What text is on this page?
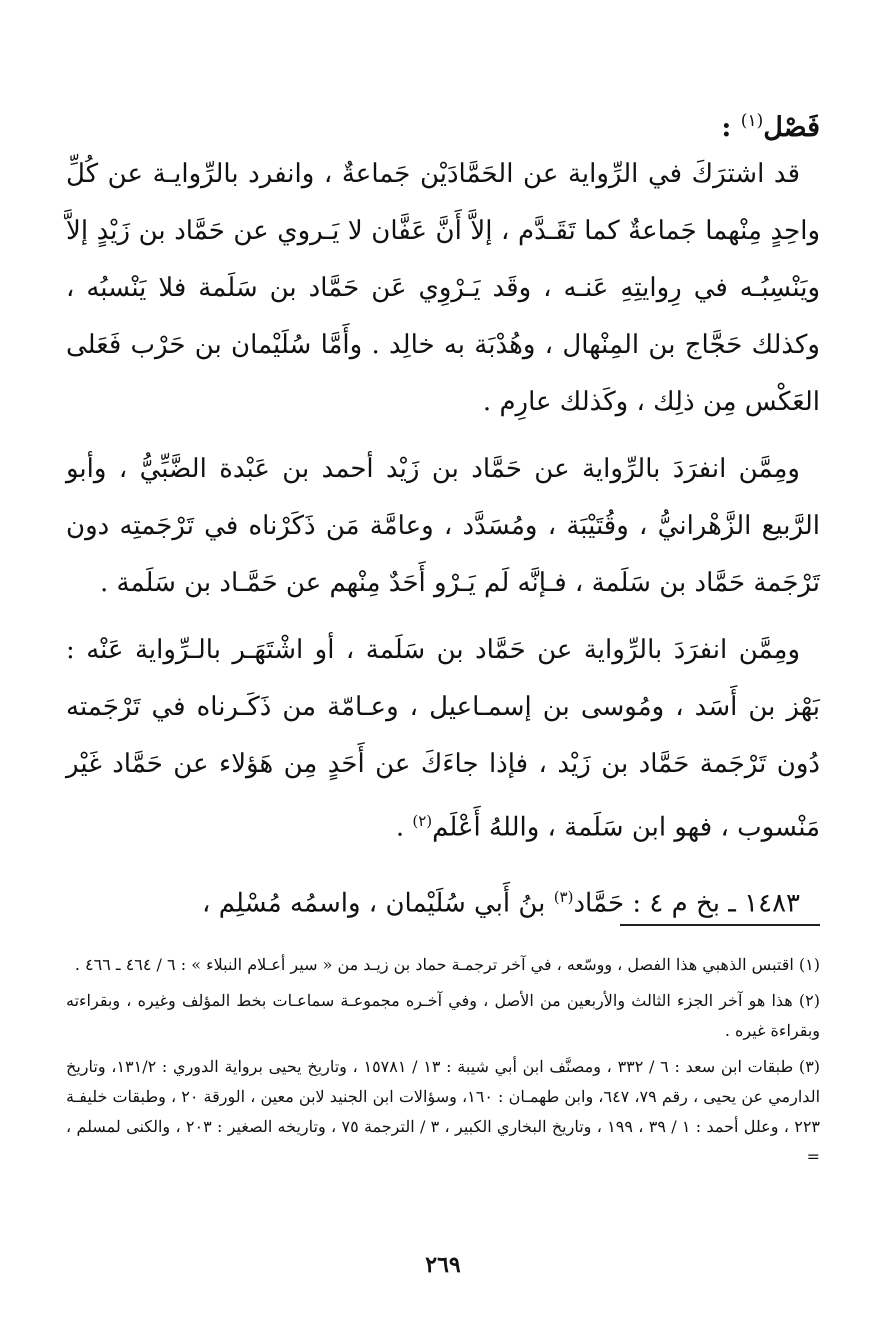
فَصْل$^{(١)}$ :

قد اشترَكَ في الرِّواية عن الحَمَّادَيْن جَماعةٌ ، وانفرد بالرِّوايـة عن كُلِّ واحِدٍ مِنْهما جَماعةٌ كما تَقَـدَّم ، إلاَّ أَنَّ عَفَّان لا يَـروي عن حَمَّاد بن زَيْدٍ إلاَّ ويَنْسِبُـه في رِوايتِهِ عَنـه ، وقَد يَـرْوِي عَن حَمَّاد بن سَلَمة فلا يَنْسبُه ، وكذلك حَجَّاج بن المِنْهال ، وهُدْبَة به خالِد . وأَمَّا سُلَيْمان بن حَرْب فَعَلى العَكْس مِن ذلِك ، وكَذلك عارِم .

ومِمَّن انفرَدَ بالرِّواية عن حَمَّاد بن زَيْد أحمد بن عَبْدة الضَّبِّيُّ ، وأبو الرَّبيع الزَّهْرانيُّ ، وقُتَيْبَة ، ومُسَدَّد ، وعامَّة مَن ذَكَرْناه في تَرْجَمتِه دون تَرْجَمة حَمَّاد بن سَلَمة ، فـإنَّه لَم يَـرْو أَحَدٌ مِنْهم عن حَمَّـاد بن سَلَمة .

ومِمَّن انفرَدَ بالرِّواية عن حَمَّاد بن سَلَمة ، أو اشْتَهَـر بالـرِّواية عَنْه : بَهْز بن أَسَد ، ومُوسى بن إسمـاعيل ، وعـامّة من ذَكَـرناه في تَرْجَمته دُون تَرْجَمة حَمَّاد بن زَيْد ، فإذا جاءَكَ عن أَحَدٍ مِن هَؤلاء عن حَمَّاد غَيْر مَنْسوب ، فهو ابن سَلَمة ، واللهُ أَعْلَم$^{(٢)}$ .

١٤٨٣ ـ بخ م ٤ : حَمَّاد$^{(٣)}$ بنُ أَبي سُلَيْمان ، واسمُه مُسْلِم ،

(١) اقتبس الذهبي هذا الفصل ، ووسّعه ، في آخر ترجمـة حماد بن زيـد من « سير أعـلام النبلاء » : ٦ / ٤٦٤ ـ ٤٦٦ .

(٢) هذا هو آخر الجزء الثالث والأربعين من الأصل ، وفي آخـره مجموعـة سماعـات بخط المؤلف وغيره ، وبقراءته وبقراءة غيره .

(٣) طبقات ابن سعد : ٦ / ٣٣٢ ، ومصنَّف ابن أبي شيبة : ١٣ / ١٥٧٨١ ، وتاريخ يحيى برواية الدوري : ١٣١/٢، وتاريخ الدارمي عن يحيى ، رقم ٧٩، ٦٤٧، وابن طهمـان : ١٦٠، وسؤالات ابن الجنيد لابن معين ، الورقة ٢٠ ، وطبقات خليفـة ٢٢٣ ، وعلل أحمد : ١ / ٣٩ ، ١٩٩ ، وتاريخ البخاري الكبير ، ٣ / الترجمة ٧٥ ، وتاريخه الصغير : ٢٠٣ ، والكنى لمسلم ، =

٢٦٩
